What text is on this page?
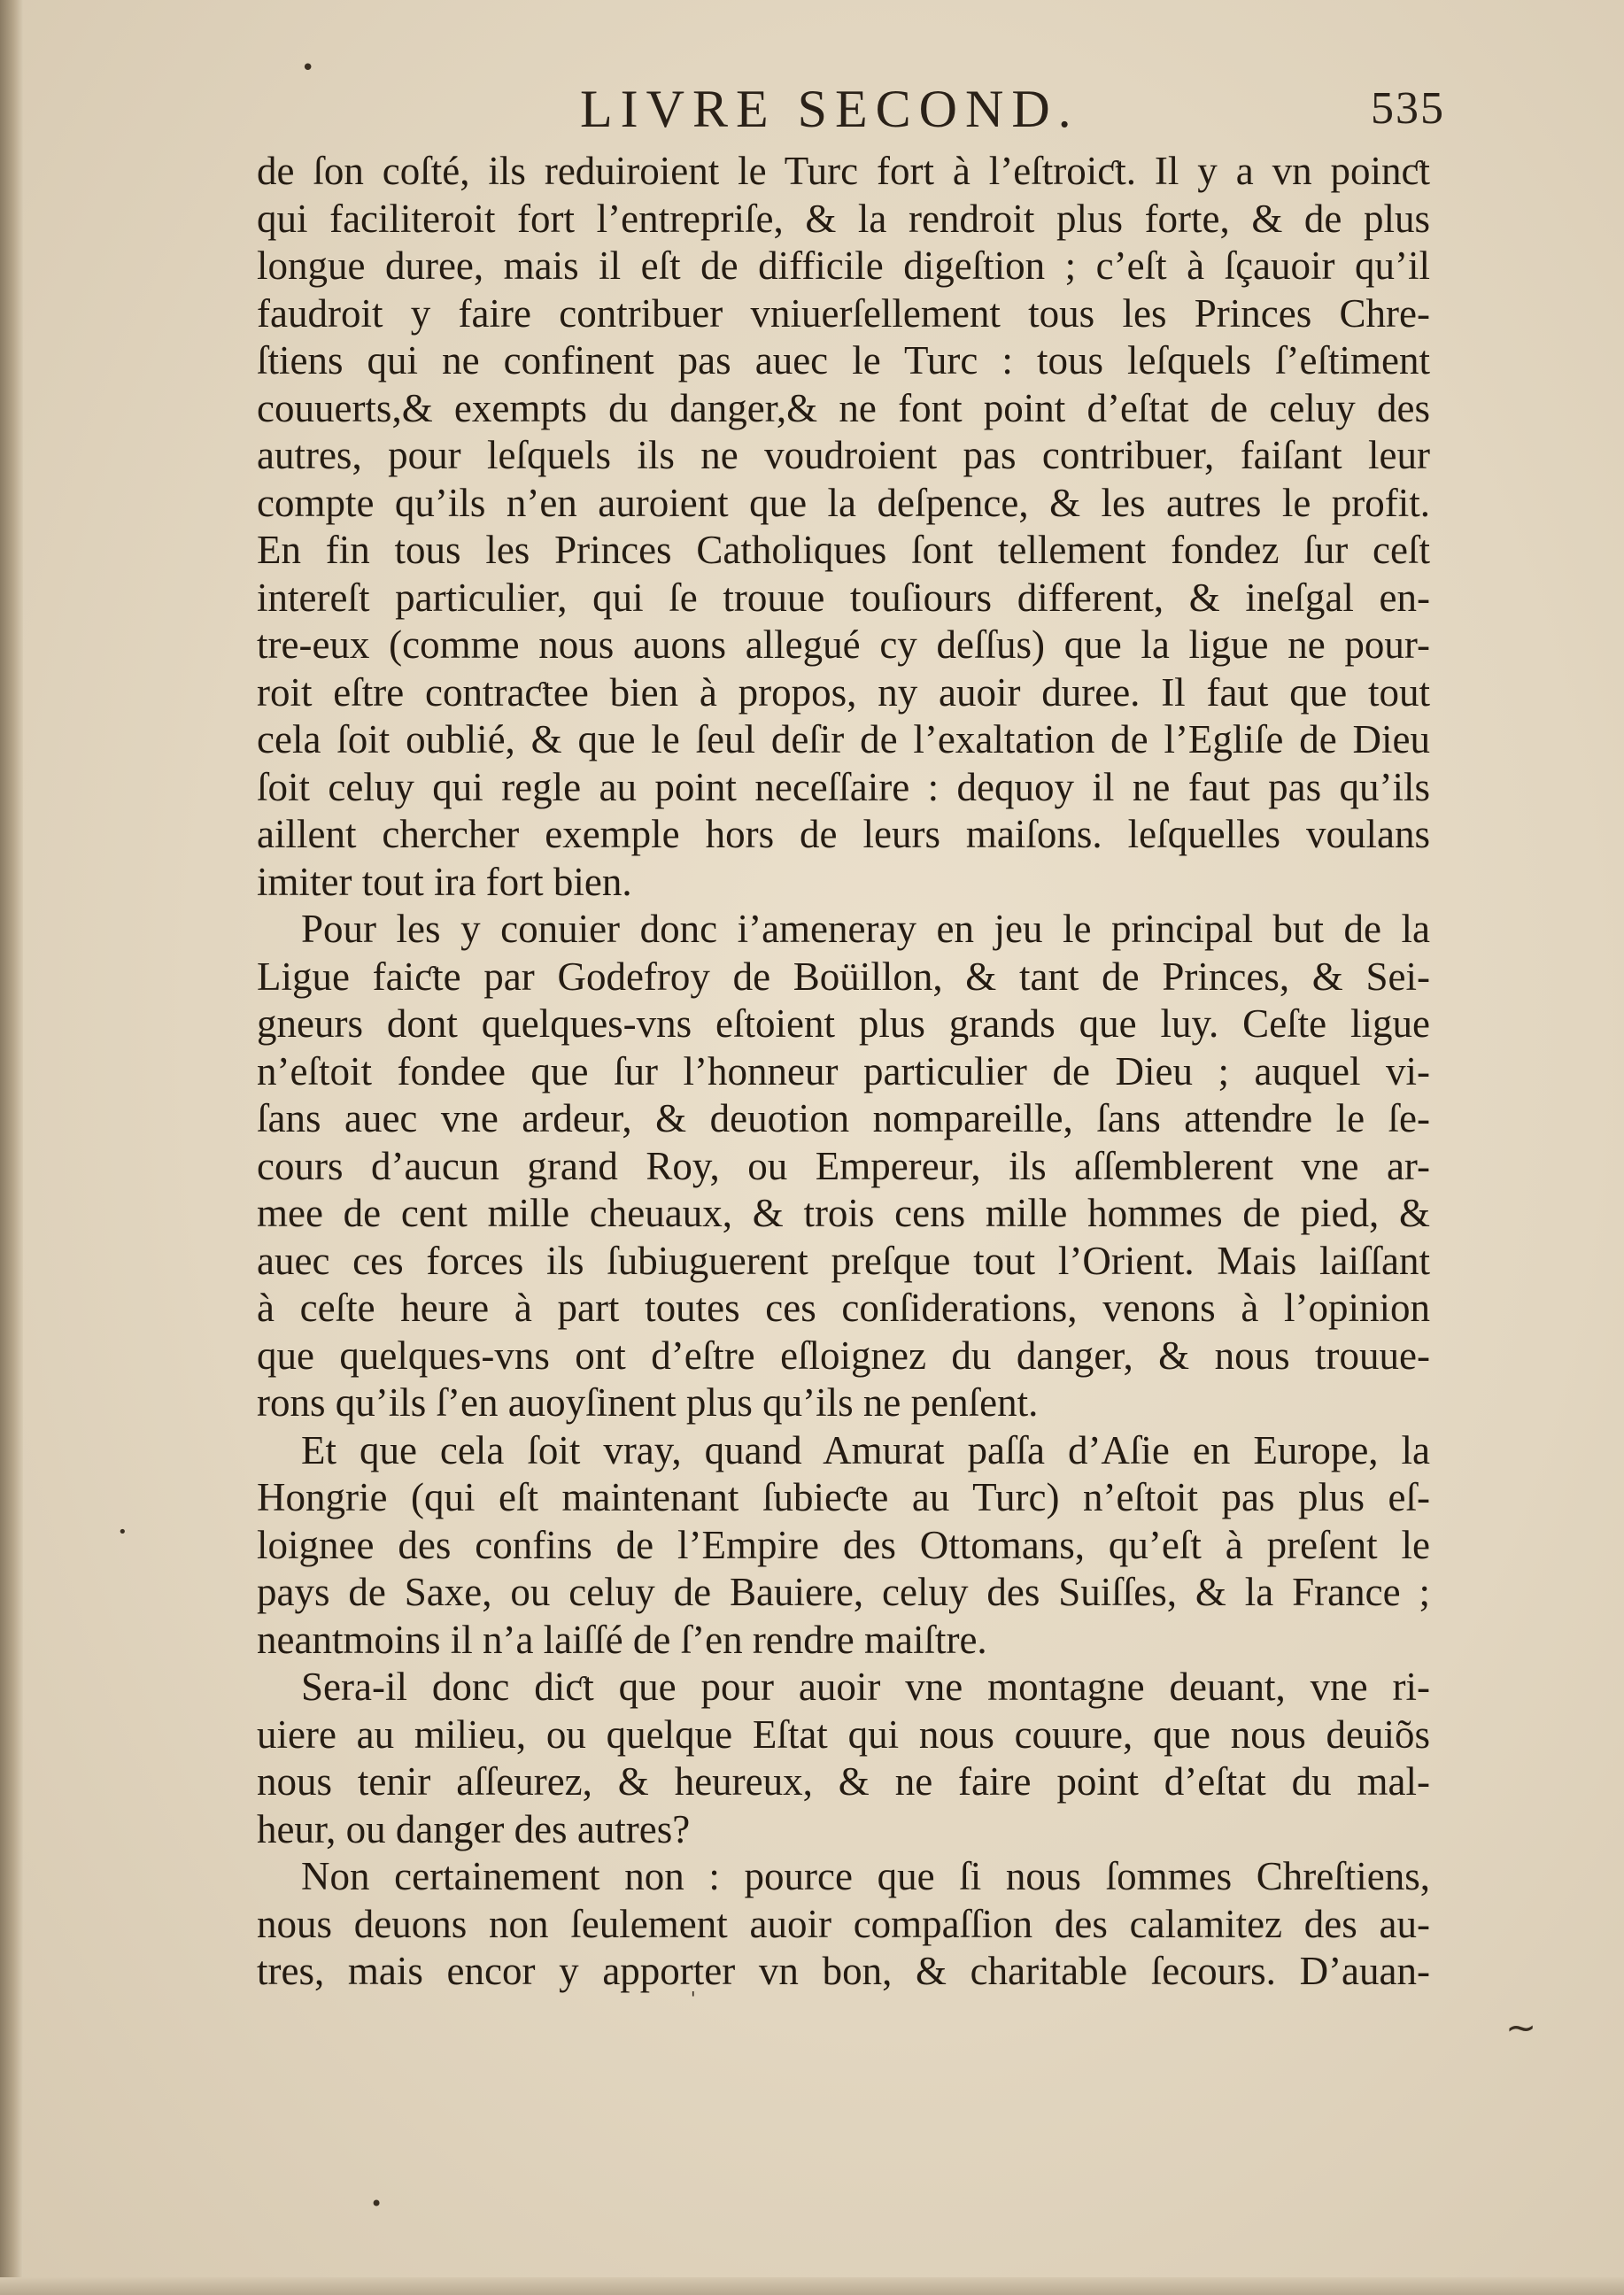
LIVRE SECOND.	535
de ſon coſté, ils reduiroient le Turc fort à l’eſtroiƈt. Il y a vn poinƈt
qui faciliteroit fort l’entrepriſe, & la rendroit plus forte, & de plus
longue duree, mais il eſt de difficile digeſtion ; c’eſt à ſçauoir qu’il
faudroit y faire contribuer vniuerſellement tous les Princes Chre-
ſtiens qui ne confinent pas auec le Turc : tous leſquels ſ’eſtiment
couuerts,& exempts du danger,& ne font point d’eſtat de celuy des
autres, pour leſquels ils ne voudroient pas contribuer, faiſant leur
compte qu’ils n’en auroient que la deſpence, & les autres le profit.
En fin tous les Princes Catholiques ſont tellement fondez ſur ceſt
intereſt particulier, qui ſe trouue touſiours different, & ineſgal en-
tre-eux (comme nous auons allegué cy deſſus) que la ligue ne pour-
roit eſtre contraƈtee bien à propos, ny auoir duree. Il faut que tout
cela ſoit oublié, & que le ſeul deſir de l’exaltation de l’Egliſe de Dieu
ſoit celuy qui regle au point neceſſaire : dequoy il ne faut pas qu’ils
aillent chercher exemple hors de leurs maiſons. leſquelles voulans
imiter tout ira fort bien.
Pour les y conuier donc i’ameneray en jeu le principal but de la
Ligue faiƈte par Godefroy de Boüillon, & tant de Princes, & Sei-
gneurs dont quelques-vns eſtoient plus grands que luy. Ceſte ligue
n’eſtoit fondee que ſur l’honneur particulier de Dieu ; auquel vi-
ſans auec vne ardeur, & deuotion nompareille, ſans attendre le ſe-
cours d’aucun grand Roy, ou Empereur, ils aſſemblerent vne ar-
mee de cent mille cheuaux, & trois cens mille hommes de pied, &
auec ces forces ils ſubiuguerent preſque tout l’Orient. Mais laiſſant
à ceſte heure à part toutes ces conſiderations, venons à l’opinion
que quelques-vns ont d’eſtre eſloignez du danger, & nous trouue-
rons qu’ils ſ’en auoyſinent plus qu’ils ne penſent.
Et que cela ſoit vray, quand Amurat paſſa d’Aſie en Europe, la
Hongrie (qui eſt maintenant ſubieƈte au Turc) n’eſtoit pas plus eſ-
loignee des confins de l’Empire des Ottomans, qu’eſt à preſent le
pays de Saxe, ou celuy de Bauiere, celuy des Suiſſes, & la France ;
neantmoins il n’a laiſſé de ſ’en rendre maiſtre.
Sera-il donc diƈt que pour auoir vne montagne deuant, vne ri-
uiere au milieu, ou quelque Eſtat qui nous couure, que nous deuiõs
nous tenir aſſeurez, & heureux, & ne faire point d’eſtat du mal-
heur, ou danger des autres?
Non certainement non : pource que ſi nous ſommes Chreſtiens,
nous deuons non ſeulement auoir compaſſion des calamitez des au-
tres, mais encor y apporter vn bon, & charitable ſecours. D’auan-
•
~
•
•
'
